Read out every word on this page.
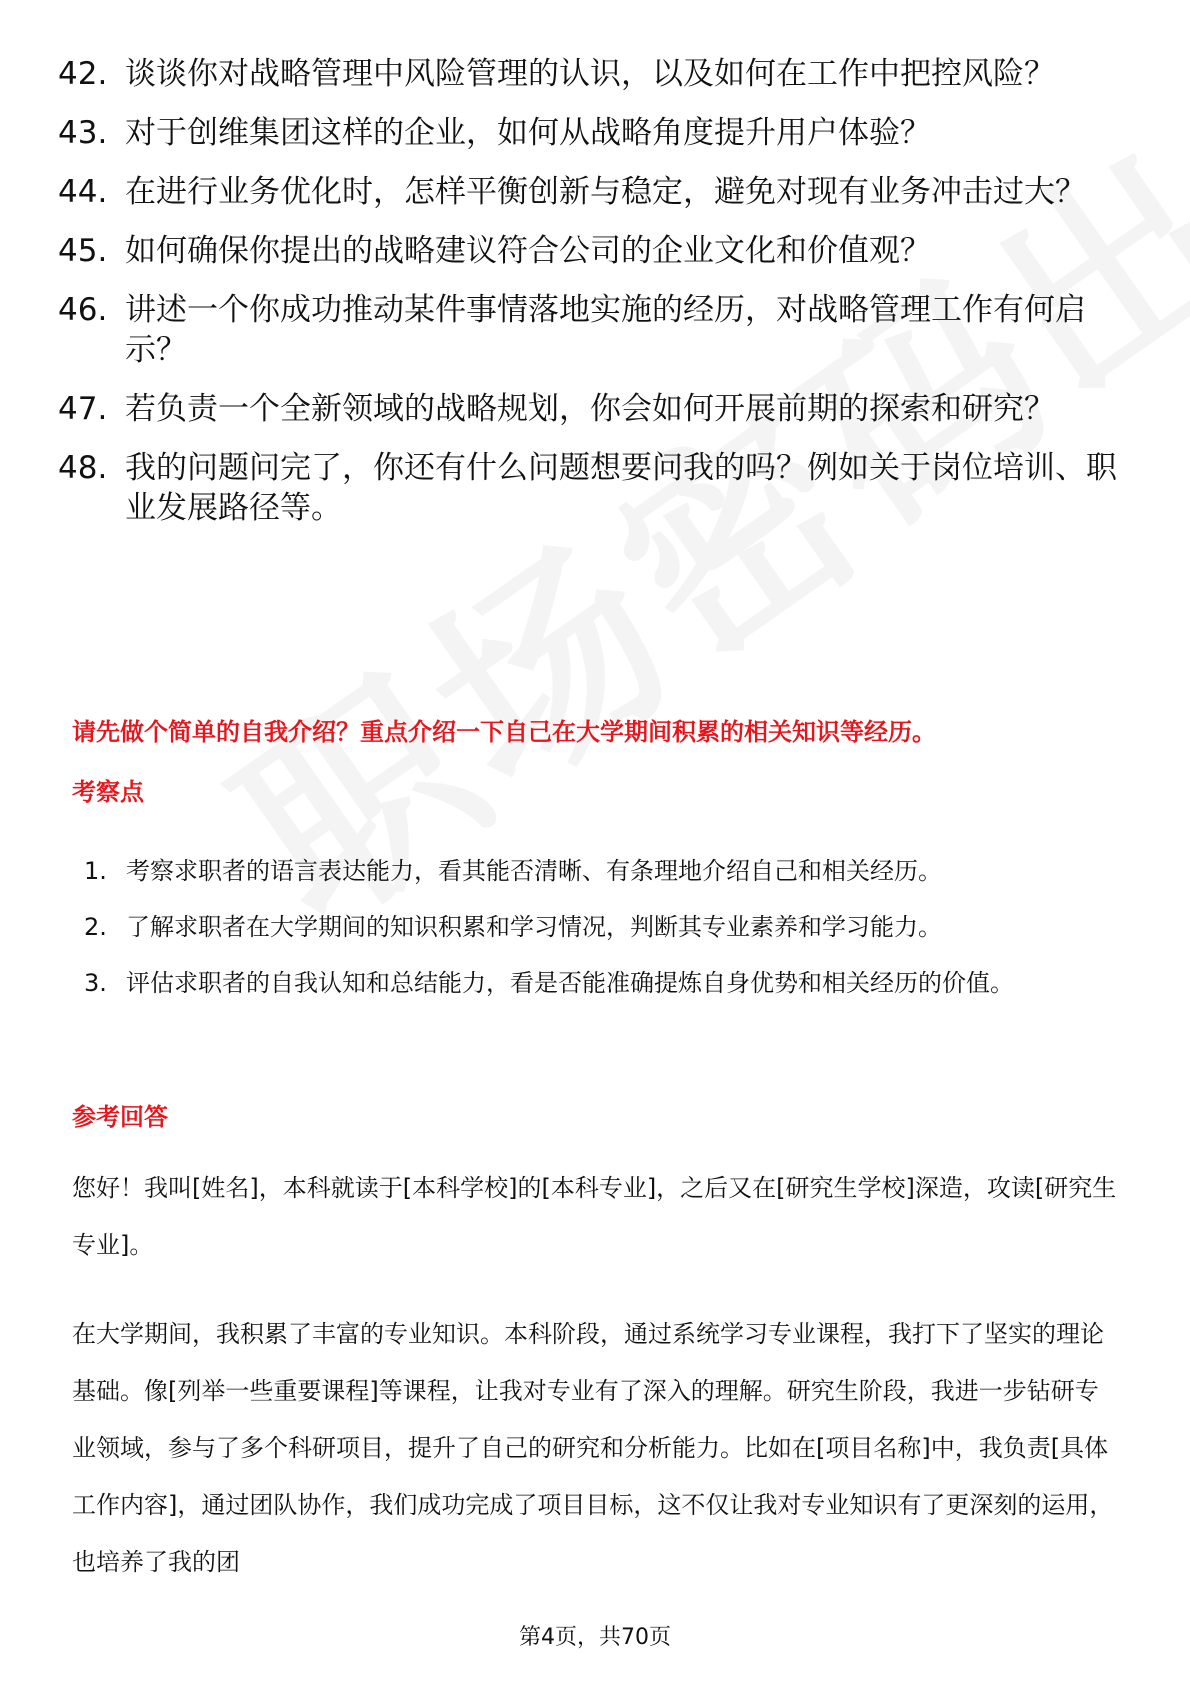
42. 谈谈你对战略管理中风险管理的认识，以及如何在工作中把控风险？
43. 对于创维集团这样的企业，如何从战略角度提升用户体验？
44. 在进行业务优化时，怎样平衡创新与稳定，避免对现有业务冲击过大？
45. 如何确保你提出的战略建议符合公司的企业文化和价值观？
46. 讲述一个你成功推动某件事情落地实施的经历，对战略管理工作有何启示？
47. 若负责一个全新领域的战略规划，你会如何开展前期的探索和研究？
48. 我的问题问完了，你还有什么问题想要问我的吗？例如关于岗位培训、职业发展路径等。
请先做个简单的自我介绍？重点介绍一下自己在大学期间积累的相关知识等经历。
考察点
1. 考察求职者的语言表达能力，看其能否清晰、有条理地介绍自己和相关经历。
2. 了解求职者在大学期间的知识积累和学习情况，判断其专业素养和学习能力。
3. 评估求职者的自我认知和总结能力，看是否能准确提炼自身优势和相关经历的价值。
参考回答
您好！我叫[姓名]，本科就读于[本科学校]的[本科专业]，之后又在[研究生学校]深造，攻读[研究生专业]。
在大学期间，我积累了丰富的专业知识。本科阶段，通过系统学习专业课程，我打下了坚实的理论基础。像[列举一些重要课程]等课程，让我对专业有了深入的理解。研究生阶段，我进一步钻研专业领域，参与了多个科研项目，提升了自己的研究和分析能力。比如在[项目名称]中，我负责[具体工作内容]，通过团队协作，我们成功完成了项目目标，这不仅让我对专业知识有了更深刻的运用，也培养了我的团
第4页，共70页
